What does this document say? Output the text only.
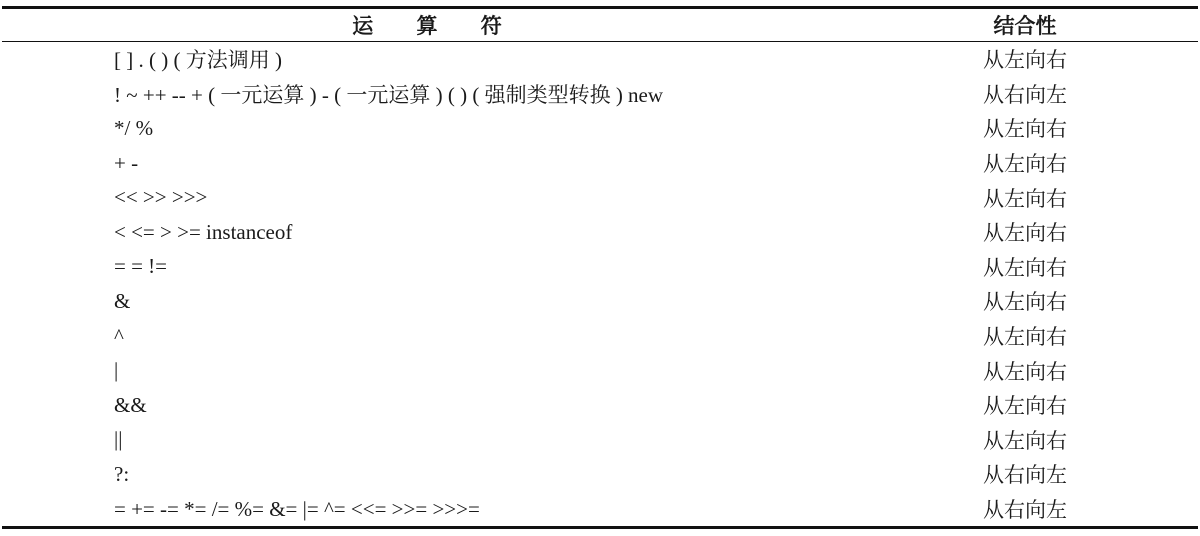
运 算 符	结合性
[ ] . ( ) ( 方法调用 )	从左向右
! ~ ++ -- + ( 一元运算 ) - ( 一元运算 ) ( ) ( 强制类型转换 ) new	从右向左
*/ %	从左向右
+ -	从左向右
<< >> >>>	从左向右
< <= > >= instanceof	从左向右
= = !=	从左向右
&	从左向右
^	从左向右
|	从左向右
&&	从左向右
||	从左向右
?:	从右向左
= += -= *= /= %= &= |= ^= <<= >>= >>>=	从右向左
